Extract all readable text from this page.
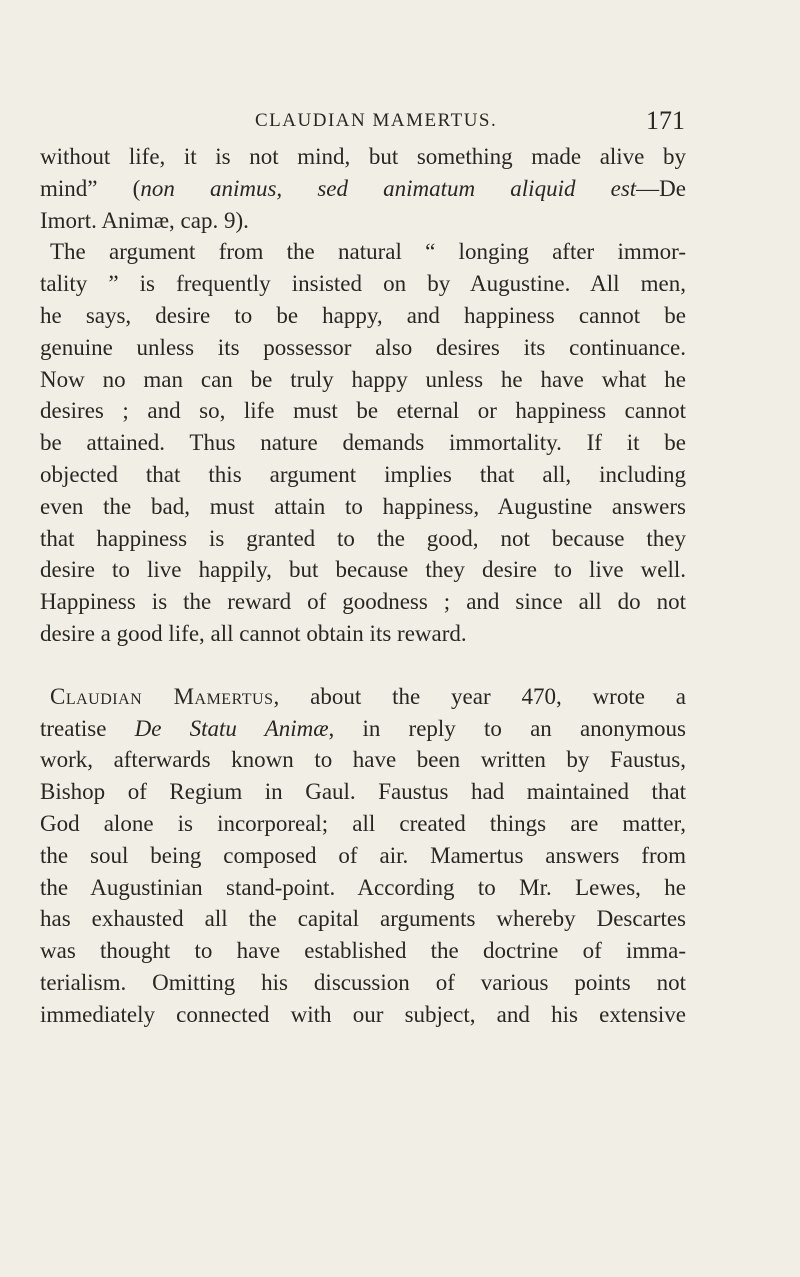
CLAUDIAN MAMERTUS.	171
without life, it is not mind, but something made alive by
mind” (non animus, sed animatum aliquid est—De
Imort. Animæ, cap. 9).
The argument from the natural “ longing after immor-
tality ” is frequently insisted on by Augustine. All men,
he says, desire to be happy, and happiness cannot be
genuine unless its possessor also desires its continuance.
Now no man can be truly happy unless he have what he
desires ; and so, life must be eternal or happiness cannot
be attained. Thus nature demands immortality. If it be
objected that this argument implies that all, including
even the bad, must attain to happiness, Augustine answers
that happiness is granted to the good, not because they
desire to live happily, but because they desire to live well.
Happiness is the reward of goodness ; and since all do not
desire a good life, all cannot obtain its reward.
Claudian Mamertus, about the year 470, wrote a
treatise De Statu Animæ, in reply to an anonymous
work, afterwards known to have been written by Faustus,
Bishop of Regium in Gaul. Faustus had maintained that
God alone is incorporeal; all created things are matter,
the soul being composed of air. Mamertus answers from
the Augustinian stand-point. According to Mr. Lewes, he
has exhausted all the capital arguments whereby Descartes
was thought to have established the doctrine of imma-
terialism. Omitting his discussion of various points not
immediately connected with our subject, and his extensive
